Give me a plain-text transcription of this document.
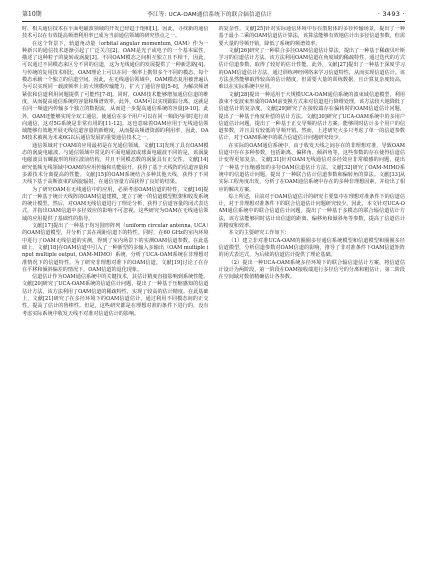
第10期	李江等: UCA-OAM通信系统下的联合辐信道估计	· 3493 ·

时，相关通信技术在平面电磁波领域的开发已经趋于饱和[1]。因此，寻找新的通信技术可以在有效提高频谱利用率已成为当前通信领域的研究热点之一。

在这个背景下，轨道角动量（orbital angular momentum, OAM）作为一种新兴的通信技术逐渐引起了广泛关注[2]。OAM是光子或电子的一个基本属性，描述了这种粒子的旋转或涡旋[3]。不同OAM模态之间相互独立且不相干，因此，可以通过不同模态来区分不同的信道，这为无线通信的发展提供了一种新思路[4]。与传统的复用技术相比，OAM理论上可以在同一频率上携带多个不同的模态，每个模态承载一个独立的信道空间。因此，在无线通信领域中，OAM模态复用被普遍认为可以实现同一载波频率上的大规模传输能力，扩大了通信容量[5-6]，为解决频谱紧张和信道利用问题提供了可能性[7-8]。同时，OAM技术能够增加通信信道的维度，从而提高通信系统的容量和频谱效率。此外，OAM可以实现跟踪分离、这就是在同一频道内传输多个独立的数据流，从而进一步提高通信系统的容量[9-10]。此外，OAM还能够实现全双工通信，使通信在多个用户可以在同一频段内同时进行双向通信，这对5G系统是非常有用的[11-12]。这也意味着OAM应用于无线通信领域能够有效地开展无线信道容量的新维度，从而提高频谱资源的利用率，因此，OAM技术被视为未来6G以后通信发展的重要通信技术之一。

通信领域对于OAM的应用最初是在光通信领域。文献[13]发现了具有OAM模态的涡旋电磁波。与通信领域中常见的平面电磁波或球面电磁波不同的是，该涡旋电磁波具有螺旋形的相位波前结构，并且不同模态数的涡旋具有正交性。文献[14]研究低频无线领域中OAM的应用传输和功能展开，获得了基于天线阵的信道容量和多源技术分离提高的性能。文献[15]的OAM系统结合多种其他天线，获得了不同天线下基于高斯波束的涡旋辐射，在通信容量方面获得了良好的结果。

为了研究OAM在无线通信中的应用，必须考虑OAM信道的特性，文献[16]提出了一种基于统计天线阵的OAM信道建模，建立了统一的信道模型框架和收发系统的统计模型。然后，对OAM无线信道进行了理论分析，获得了信道容量的闭式表达式，并指出OAM信道中多径效应的影响不可忽视。这些研究为OAM在无线通信领域的应用提供了基础性的指导。

文献[17]提出了一种基于均匀圆形阵列（uniform circular antenna, UCA）的OAM信道模型，并分析了其在视距信道下的特性。同时，在60 GHz的室内环境中进行了OAM无线信道的实测，得到了室内场景下的实测OAM信道参数。在此基础上，文献[18]在OAM信道中引入了一种新型的多输入多输出（OAM multiple input multiple output, OAM-MIMO）系统，分析了UCA-OAM系统在非理想对准情况下的信道特性。为了研究非理想对准下的OAM信道，文献[19]讨论了在存在平移和倾斜偏差的情况下，OAM信道的退化现象。

信道估计作为OAM通信系统中的关键技术，其估计精度直接影响到系统性能。文献[20]研究了UCA-OAM系统的信道估计问题，提出了一种基于压缩感知的信道估计方法，该方法利用了OAM信道的稀疏特性，实现了较高的估计精度。在此基础上，文献[21]研究了在多径环境下的OAM信道估计，通过利用不同模态间的正交性，提高了估计的鲁棒性。但是，这些研究都是在理想对准的条件下进行的，没有考虑实际系统中收发天线不对准对信道估计的影响。

的复杂性。文献[25]针对实际通信环境中存在散射体的多径传输场景，提出了一种基于最小二乘的OAM信道估计算法，该算法能够有效地估计出多径信道参数，但需要大量的导频开销，降低了系统的频谱效率。

文献[26]研究了一种联合多径OAM信道估计算法，提出了一种基于稀疏贝叶斯学习的信道估计方法。该方法利用OAM信道在角度域的稀疏特性，通过迭代的方式估计信道参数，取得了较好的估计性能。此外，文献[27]提出了一种基于深度学习的OAM信道估计方法，通过训练神经网络来学习信道特性，从而实现信道估计。该方法虽然能够取得较高的估计精度，但需要大量的训练数据，且计算复杂度较高，难以在实际系统中应用。

文献[28]提出一种适用于大规模UCA-OAM通信系统的波束域信道模型，利用波束不变波束形成的OAM前变换方式来对信道进行降维处理，该方法较大地降低了信道估计的复杂度。文献[29]研究了在接收端存在偏转时的OAM信道估计问题，提出了一种基于角度补偿的估计方法。文献[30]研究了UCA-OAM系统中的多用户信道估计问题，提出了一种基于正交导频的估计方案，能够同时估计多个用户的信道参数，并且具有较低的导频开销。然而，上述研究大多只考虑了单一的信道参数估计，对于OAM系统中的联合信道估计问题研究较少。

在实际的OAM通信系统中，由于收发天线之间存在的非理想对准，导致OAM信道中存在多种参数，包括距离、偏移角、倾斜角等。这些参数的存在使得信道估计变得更加复杂。文献[31]针对OAM无线通信对多径效应非常敏感的问题，提出了一种基于压缩感知的多径OAM信道估计方法。文献[32]研究了OAM-MIMO系统中的信道估计问题，提出了一种联合估计信道参数和偏转角的算法。文献[33]从实际工程角度出发，分析了在OAM通信系统中存在的多种非理想因素，并给出了相应的解决方案。

综上所述，目前对于OAM信道估计的研究主要集中在理想对准条件下的信道估计，对于非理想对准条件下的联合信道估计问题研究较少。因此，本文针对UCA-OAM通信系统中的联合信道估计问题，提出了一种基于多模态的联合辐信道估计方法，该方法能够同时估计出信道的距离、偏移角和倾斜角等参数，提高了信道估计的精度和效率。

本文的主要研究工作如下：

（1）建立非对准UCA-OAM的圈圈多径通信系统模型和信道模型和圈圈多径信道模型，分析信道参数对OAM信道的影响，推导了非对准条件下OAM信道矩阵的闭式表达式，为后续的信道估计提供了理论基础。

（2）提出一种UCA-OAM系统多径环境下的联合辐信道估计方案，将信道估计设计为两阶段，第一阶段在OAM接收端进行多径信号的分离和粗估计，第二阶段在空间域对数值精确估计各参数。
